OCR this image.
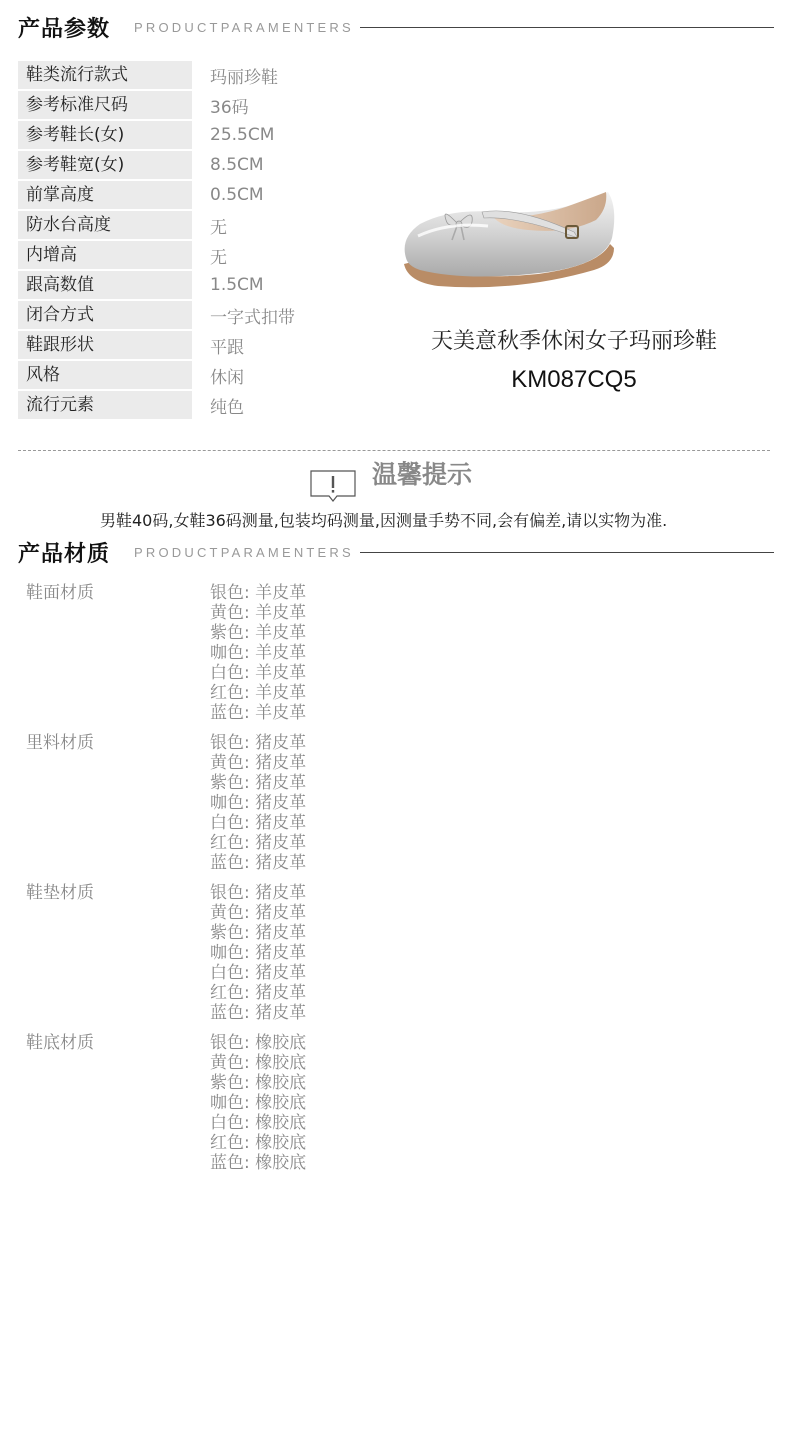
产品参数 PRODUCTPARAMENTERS
鞋类流行款式	玛丽珍鞋
参考标准尺码	36码
参考鞋长(女)	25.5CM
参考鞋宽(女)	8.5CM
前掌高度	0.5CM
防水台高度	无
内增高	无
跟高数值	1.5CM
闭合方式	一字式扣带
鞋跟形状	平跟
风格	休闲
流行元素	纯色
天美意秋季休闲女子玛丽珍鞋
KM087CQ5
温馨提示
男鞋40码,女鞋36码测量,包装均码测量,因测量手势不同,会有偏差,请以实物为准.
产品材质 PRODUCTPARAMENTERS
鞋面材质	银色: 羊皮革
黄色: 羊皮革
紫色: 羊皮革
咖色: 羊皮革
白色: 羊皮革
红色: 羊皮革
蓝色: 羊皮革
里料材质	银色: 猪皮革
黄色: 猪皮革
紫色: 猪皮革
咖色: 猪皮革
白色: 猪皮革
红色: 猪皮革
蓝色: 猪皮革
鞋垫材质	银色: 猪皮革
黄色: 猪皮革
紫色: 猪皮革
咖色: 猪皮革
白色: 猪皮革
红色: 猪皮革
蓝色: 猪皮革
鞋底材质	银色: 橡胶底
黄色: 橡胶底
紫色: 橡胶底
咖色: 橡胶底
白色: 橡胶底
红色: 橡胶底
蓝色: 橡胶底
